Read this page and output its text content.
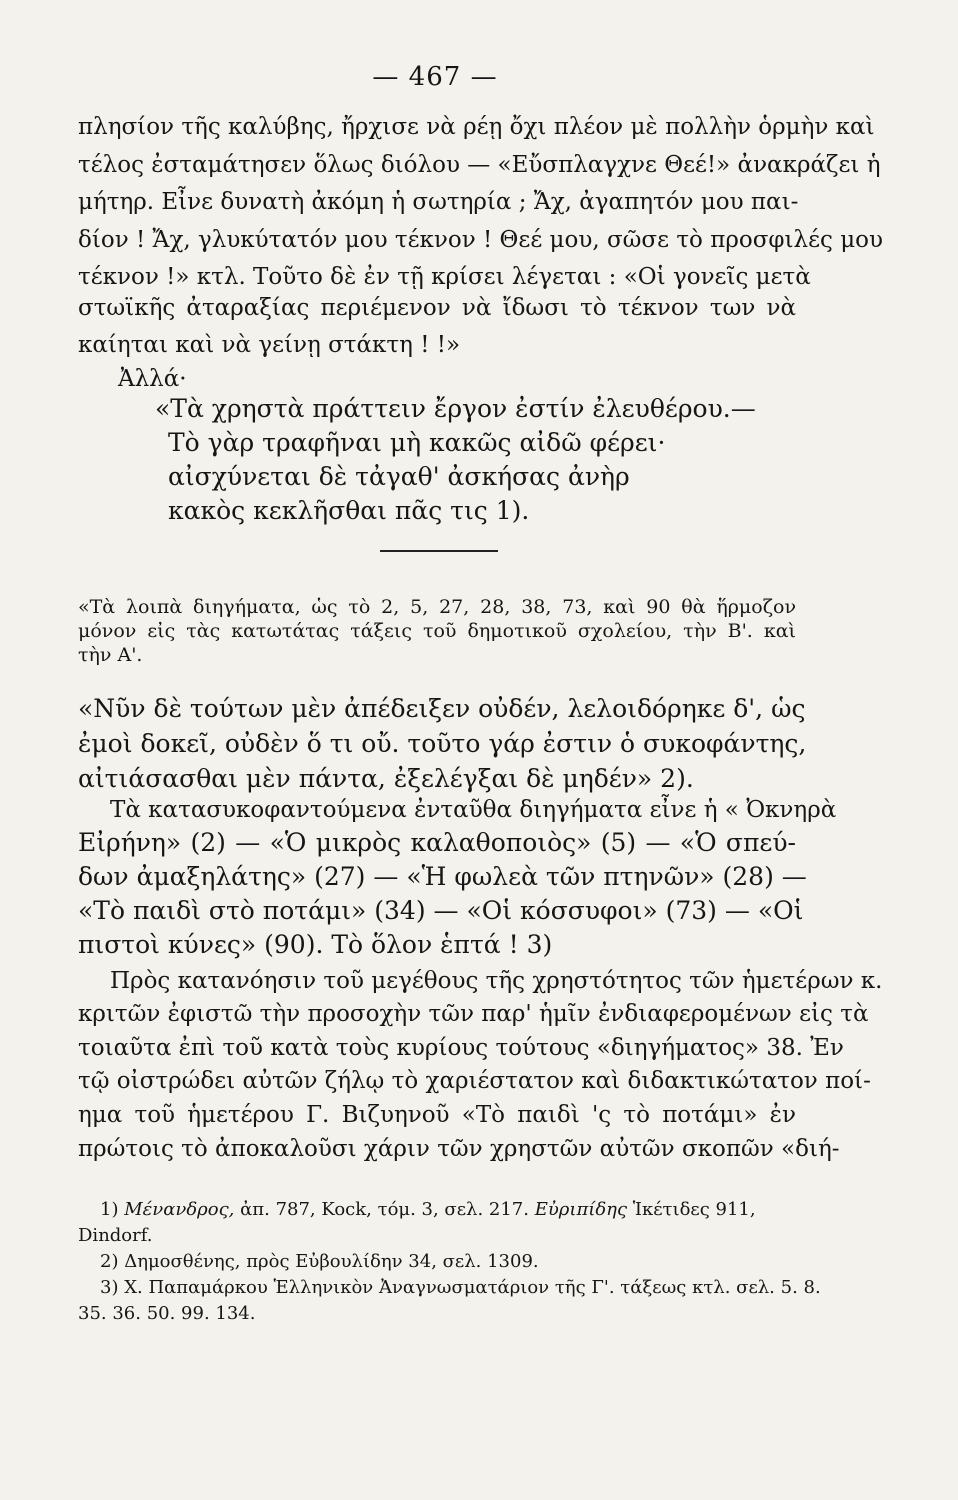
— 467 —
πλησίον τῆς καλύβης, ἤρχισε νὰ ρέῃ ὄχι πλέον μὲ πολλὴν ὁρμὴν καὶ
τέλος ἐσταμάτησεν ὅλως διόλου — «Εὔσπλαγχνε Θεέ!» ἀνακράζει ἡ
μήτηρ. Εἶνε δυνατὴ ἀκόμη ἡ σωτηρία ; Ἄχ, ἀγαπητόν μου παι-
δίον ! Ἄχ, γλυκύτατόν μου τέκνον ! Θεέ μου, σῶσε τὸ προσφιλές μου
τέκνον !» κτλ. Τοῦτο δὲ ἐν τῇ κρίσει λέγεται : «Οἱ γονεῖς μετὰ
στωϊκῆς ἀταραξίας περιέμενον νὰ ἴδωσι τὸ τέκνον των νὰ
καίηται καὶ νὰ γείνῃ στάκτη ! !»
Ἀλλά·
«Τὰ χρηστὰ πράττειν ἔργον ἐστίν ἐλευθέρου.—
Τὸ γὰρ τραφῆναι μὴ κακῶς αἰδῶ φέρει·
αἰσχύνεται δὲ τἀγαθ' ἀσκήσας ἀνὴρ
κακὸς κεκλῆσθαι πᾶς τις 1).
«Τὰ λοιπὰ διηγήματα, ὡς τὸ 2, 5, 27, 28, 38, 73, καὶ 90 θὰ ἥρμοζον
μόνον εἰς τὰς κατωτάτας τάξεις τοῦ δημοτικοῦ σχολείου, τὴν Β'. καὶ
τὴν Α'.
«Νῦν δὲ τούτων μὲν ἀπέδειξεν οὐδέν, λελοιδόρηκε δ', ὡς
ἐμοὶ δοκεῖ, οὐδὲν ὅ τι οὔ. τοῦτο γάρ ἐστιν ὁ συκοφάντης,
αἰτιάσασθαι μὲν πάντα, ἐξελέγξαι δὲ μηδέν» 2).
Τὰ κατασυκοφαντούμενα ἐνταῦθα διηγήματα εἶνε ἡ « Ὀκνηρὰ
Εἰρήνη» (2) — «Ὁ μικρὸς καλαθοποιὸς» (5) — «Ὁ σπεύ-
δων ἀμαξηλάτης» (27) — «Ἡ φωλεὰ τῶν πτηνῶν» (28) —
«Τὸ παιδὶ στὸ ποτάμι» (34) — «Οἱ κόσσυφοι» (73) — «Οἱ
πιστοὶ κύνες» (90). Τὸ ὅλον ἑπτά ! 3)
Πρὸς κατανόησιν τοῦ μεγέθους τῆς χρηστότητος τῶν ἡμετέρων κ.
κριτῶν ἐφιστῶ τὴν προσοχὴν τῶν παρ' ἡμῖν ἐνδιαφερομένων εἰς τὰ
τοιαῦτα ἐπὶ τοῦ κατὰ τοὺς κυρίους τούτους «διηγήματος» 38. Ἐν
τῷ οἰστρώδει αὐτῶν ζήλῳ τὸ χαριέστατον καὶ διδακτικώτατον ποί-
ημα τοῦ ἡμετέρου Γ. Βιζυηνοῦ «Τὸ παιδὶ 'ς τὸ ποτάμι» ἐν
πρώτοις τὸ ἀποκαλοῦσι χάριν τῶν χρηστῶν αὐτῶν σκοπῶν «διή-
1) Μένανδρος, ἀπ. 787, Kock, τόμ. 3, σελ. 217. Εὐριπίδης Ἱκέτιδες 911,
Dindorf.
2) Δημοσθένης, πρὸς Εὐβουλίδην 34, σελ. 1309.
3) Χ. Παπαμάρκου Ἑλληνικὸν Ἀναγνωσματάριον τῆς Γ'. τάξεως κτλ. σελ. 5. 8.
35. 36. 50. 99. 134.
